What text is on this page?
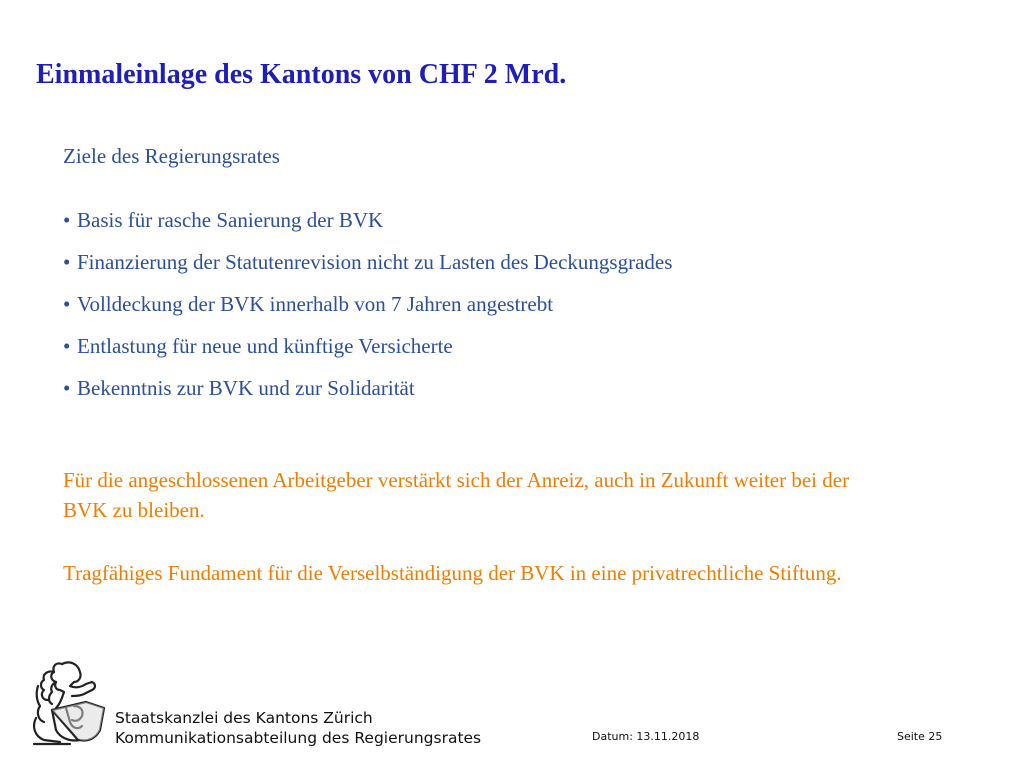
Einmaleinlage des Kantons von CHF 2 Mrd.
Ziele des Regierungsrates
• Basis für rasche Sanierung der BVK
• Finanzierung der Statutenrevision nicht zu Lasten des Deckungsgrades
• Volldeckung der BVK innerhalb von 7 Jahren angestrebt
• Entlastung für neue und künftige Versicherte
• Bekenntnis zur BVK und zur Solidarität

Für die angeschlossenen Arbeitgeber verstärkt sich der Anreiz, auch in Zukunft weiter bei der BVK zu bleiben.

Tragfähiges Fundament für die Verselbständigung der BVK in eine privatrechtliche Stiftung.

Staatskanzlei des Kantons Zürich
Kommunikationsabteilung des Regierungsrates	Datum: 13.11.2018	Seite 25
